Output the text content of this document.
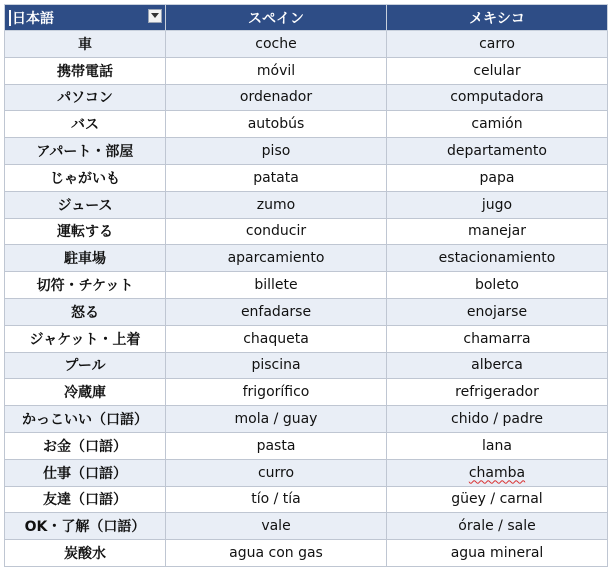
日本語	スペイン	メキシコ
車	coche	carro
携帯電話	móvil	celular
パソコン	ordenador	computadora
バス	autobús	camión
アパート・部屋	piso	departamento
じゃがいも	patata	papa
ジュース	zumo	jugo
運転する	conducir	manejar
駐車場	aparcamiento	estacionamiento
切符・チケット	billete	boleto
怒る	enfadarse	enojarse
ジャケット・上着	chaqueta	chamarra
プール	piscina	alberca
冷蔵庫	frigorífico	refrigerador
かっこいい（口語）	mola / guay	chido / padre
お金（口語）	pasta	lana
仕事（口語）	curro	chamba
友達（口語）	tío / tía	güey / carnal
OK・了解（口語）	vale	órale / sale
炭酸水	agua con gas	agua mineral
